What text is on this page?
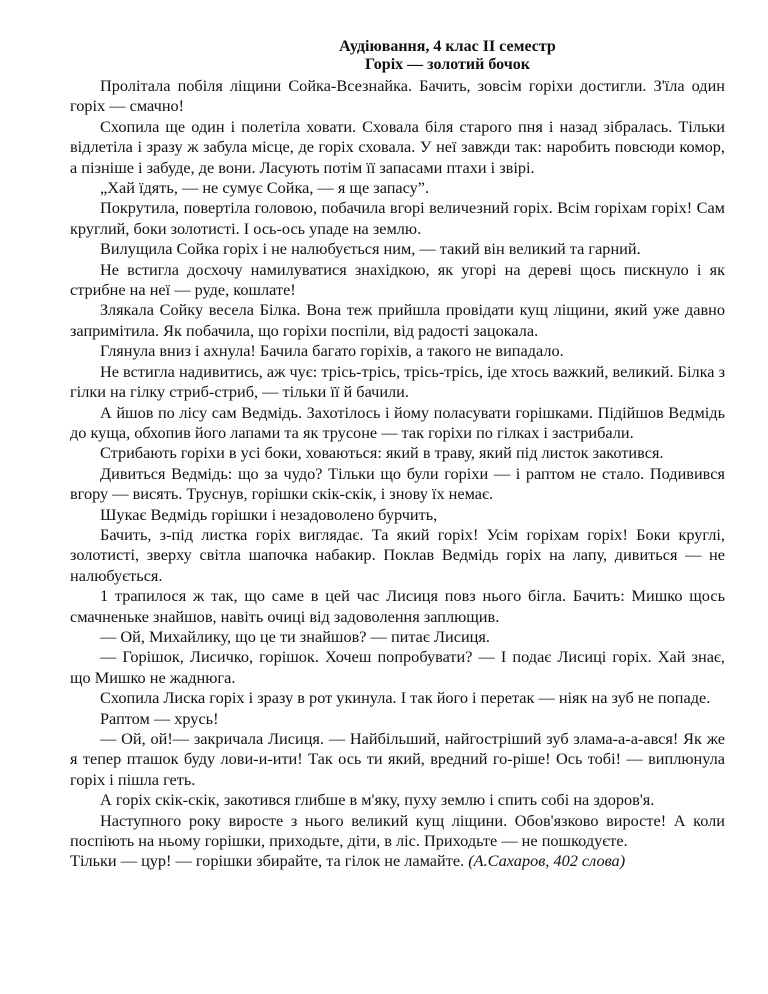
Аудіювання, 4 клас II семестр
Горіх — золотий бочок

Пролітала побіля ліщини Сойка-Всезнайка. Бачить, зовсім горіхи достигли. З'їла один горіх — смачно!

Схопила ще один і полетіла ховати. Сховала біля старого пня і назад зібралась. Тільки відлетіла і зразу ж забула місце, де горіх сховала. У неї завжди так: наробить повсюди комор, а пізніше і забуде, де вони. Ласують потім її запасами птахи і звірі.

„Хай їдять, — не сумує Сойка, — я ще запасу”.

Покрутила, повертіла головою, побачила вгорі величезний горіх. Всім горіхам горіх! Сам круглий, боки золотисті. І ось-ось упаде на землю.

Вилущила Сойка горіх і не налюбується ним, — такий він великий та гарний.

Не встигла досхочу намилуватися знахідкою, як угорі на дереві щось пискнуло і як стрибне на неї — руде, кошлате!

Злякала Сойку весела Білка. Вона теж прийшла провідати кущ ліщини, який уже давно запримітила. Як побачила, що горіхи поспіли, від радості зацокала.

Глянула вниз і ахнула! Бачила багато горіхів, а такого не випадало.

Не встигла надивитись, аж чує: трісь-трісь, трісь-трісь, іде хтось важкий, великий. Білка з гілки на гілку стриб-стриб, — тільки її й бачили.

А йшов по лісу сам Ведмідь. Захотілось і йому поласувати горішками. Підійшов Ведмідь до куща, обхопив його лапами та як трусоне — так горіхи по гілках і застрибали.

Стрибають горіхи в усі боки, ховаються: який в траву, який під листок закотився.

Дивиться Ведмідь: що за чудо? Тільки що були горіхи — і раптом не стало. Подивився вгору — висять. Труснув, горішки скік-скік, і знову їх немає.

Шукає Ведмідь горішки і незадоволено бурчить,

Бачить, з-під листка горіх виглядає. Та який горіх! Усім горіхам горіх! Боки круглі, золотисті, зверху світла шапочка набакир. Поклав Ведмідь горіх на лапу, дивиться — не налюбується.

1 трапилося ж так, що саме в цей час Лисиця повз нього бігла. Бачить: Мишко щось смачненьке знайшов, навіть очиці від задоволення заплющив.

— Ой, Михайлику, що це ти знайшов? — питає Лисиця.

— Горішок, Лисичко, горішок. Хочеш попробувати? — І подає Лисиці горіх. Хай знає, що Мишко не жаднюга.

Схопила Лиска горіх і зразу в рот укинула. І так його і перетак — ніяк на зуб не попаде.

Раптом — хрусь!

— Ой, ой!— закричала Лисиця. — Найбільший, найгостріший зуб злама-а-а-ався! Як же я тепер пташок буду лови-и-ити! Так ось ти який, вредний го-ріше! Ось тобі! — виплюнула горіх і пішла геть.

А горіх скік-скік, закотився глибше в м'яку, пуху землю і спить собі на здоров'я.

Наступного року виросте з нього великий кущ ліщини. Обов'язково виросте! А коли поспіють на ньому горішки, приходьте, діти, в ліс. Приходьте — не пошкодуєте.

Тільки — цур! — горішки збирайте, та гілок не ламайте. (А.Сахаров, 402 слова)
